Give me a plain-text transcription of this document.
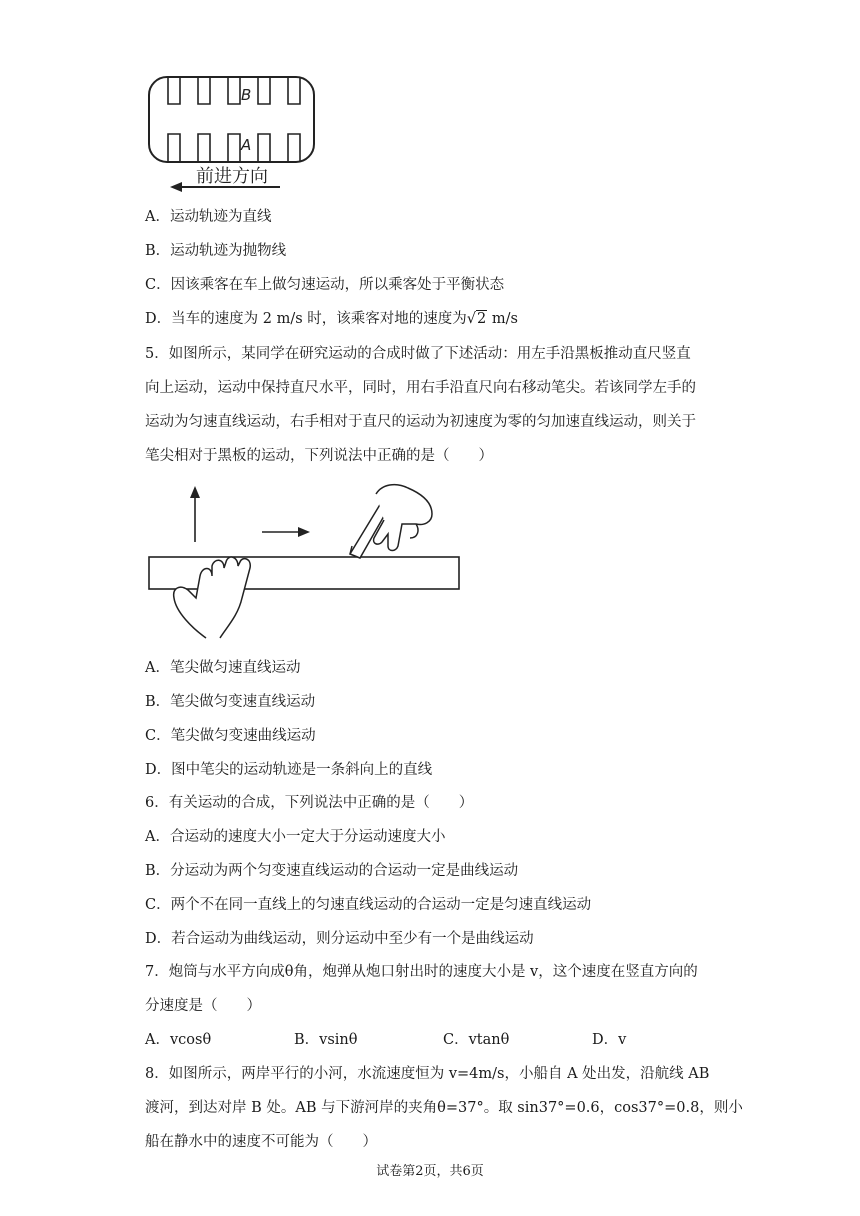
B
A
前进方向
A．运动轨迹为直线
B．运动轨迹为抛物线
C．因该乘客在车上做匀速运动，所以乘客处于平衡状态
D．当车的速度为 2 m/s 时，该乘客对地的速度为√2 m/s
5．如图所示，某同学在研究运动的合成时做了下述活动：用左手沿黑板推动直尺竖直
向上运动，运动中保持直尺水平，同时，用右手沿直尺向右移动笔尖。若该同学左手的
运动为匀速直线运动，右手相对于直尺的运动为初速度为零的匀加速直线运动，则关于
笔尖相对于黑板的运动，下列说法中正确的是（　　）
A．笔尖做匀速直线运动
B．笔尖做匀变速直线运动
C．笔尖做匀变速曲线运动
D．图中笔尖的运动轨迹是一条斜向上的直线
6．有关运动的合成，下列说法中正确的是（　　）
A．合运动的速度大小一定大于分运动速度大小
B．分运动为两个匀变速直线运动的合运动一定是曲线运动
C．两个不在同一直线上的匀速直线运动的合运动一定是匀速直线运动
D．若合运动为曲线运动，则分运动中至少有一个是曲线运动
7．炮筒与水平方向成θ角，炮弹从炮口射出时的速度大小是 v，这个速度在竖直方向的
分速度是（　　）
A．vcosθ	B．vsinθ	C．vtanθ	D．v
8．如图所示，两岸平行的小河，水流速度恒为 v=4m/s，小船自 A 处出发，沿航线 AB
渡河，到达对岸 B 处。AB 与下游河岸的夹角θ=37°。取 sin37°=0.6，cos37°=0.8，则小
船在静水中的速度不可能为（　　）
试卷第2页，共6页
